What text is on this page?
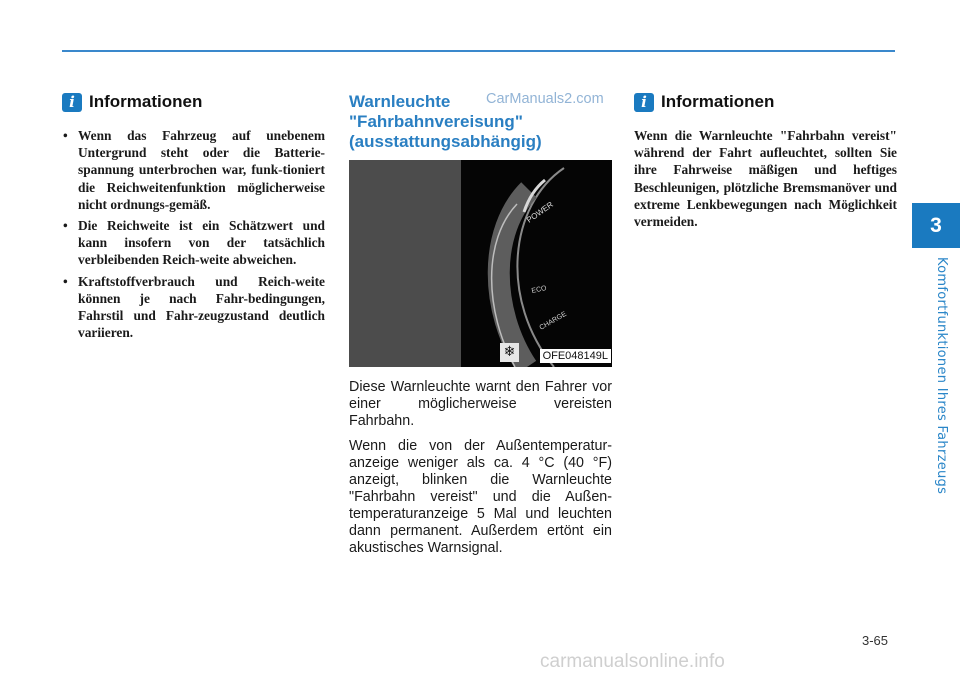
i Informationen
• Wenn das Fahrzeug auf unebenem Untergrund steht oder die Batterie-spannung unterbrochen war, funk-tioniert die Reichweitenfunktion möglicherweise nicht ordnungs-gemäß.
• Die Reichweite ist ein Schätzwert und kann insofern von der tatsächlich verbleibenden Reich-weite abweichen.
• Kraftstoffverbrauch und Reich-weite können je nach Fahr-bedingungen, Fahrstil und Fahr-zeugzustand deutlich variieren.
CarManuals2.com
Warnleuchte
"Fahrbahnvereisung"
(ausstattungsabhängig)
POWER
ECO
CHARGE
❄	OFE048149L

Diese Warnleuchte warnt den Fahrer vor einer möglicherweise vereisten Fahrbahn.

Wenn die von der Außentemperatur-anzeige weniger als ca. 4 °C (40 °F) anzeigt, blinken die Warnleuchte "Fahrbahn vereist" und die Außen-temperaturanzeige 5 Mal und leuchten dann permanent. Außerdem ertönt ein akustisches Warnsignal.

i Informationen

Wenn die Warnleuchte "Fahrbahn vereist" während der Fahrt aufleuchtet, sollten Sie ihre Fahrweise mäßigen und heftiges Beschleunigen, plötzliche Bremsmanöver und extreme Lenkbewegungen nach Möglichkeit vermeiden.	3
Komfortfunktionen Ihres Fahrzeugs
3-65
carmanualsonline.info
